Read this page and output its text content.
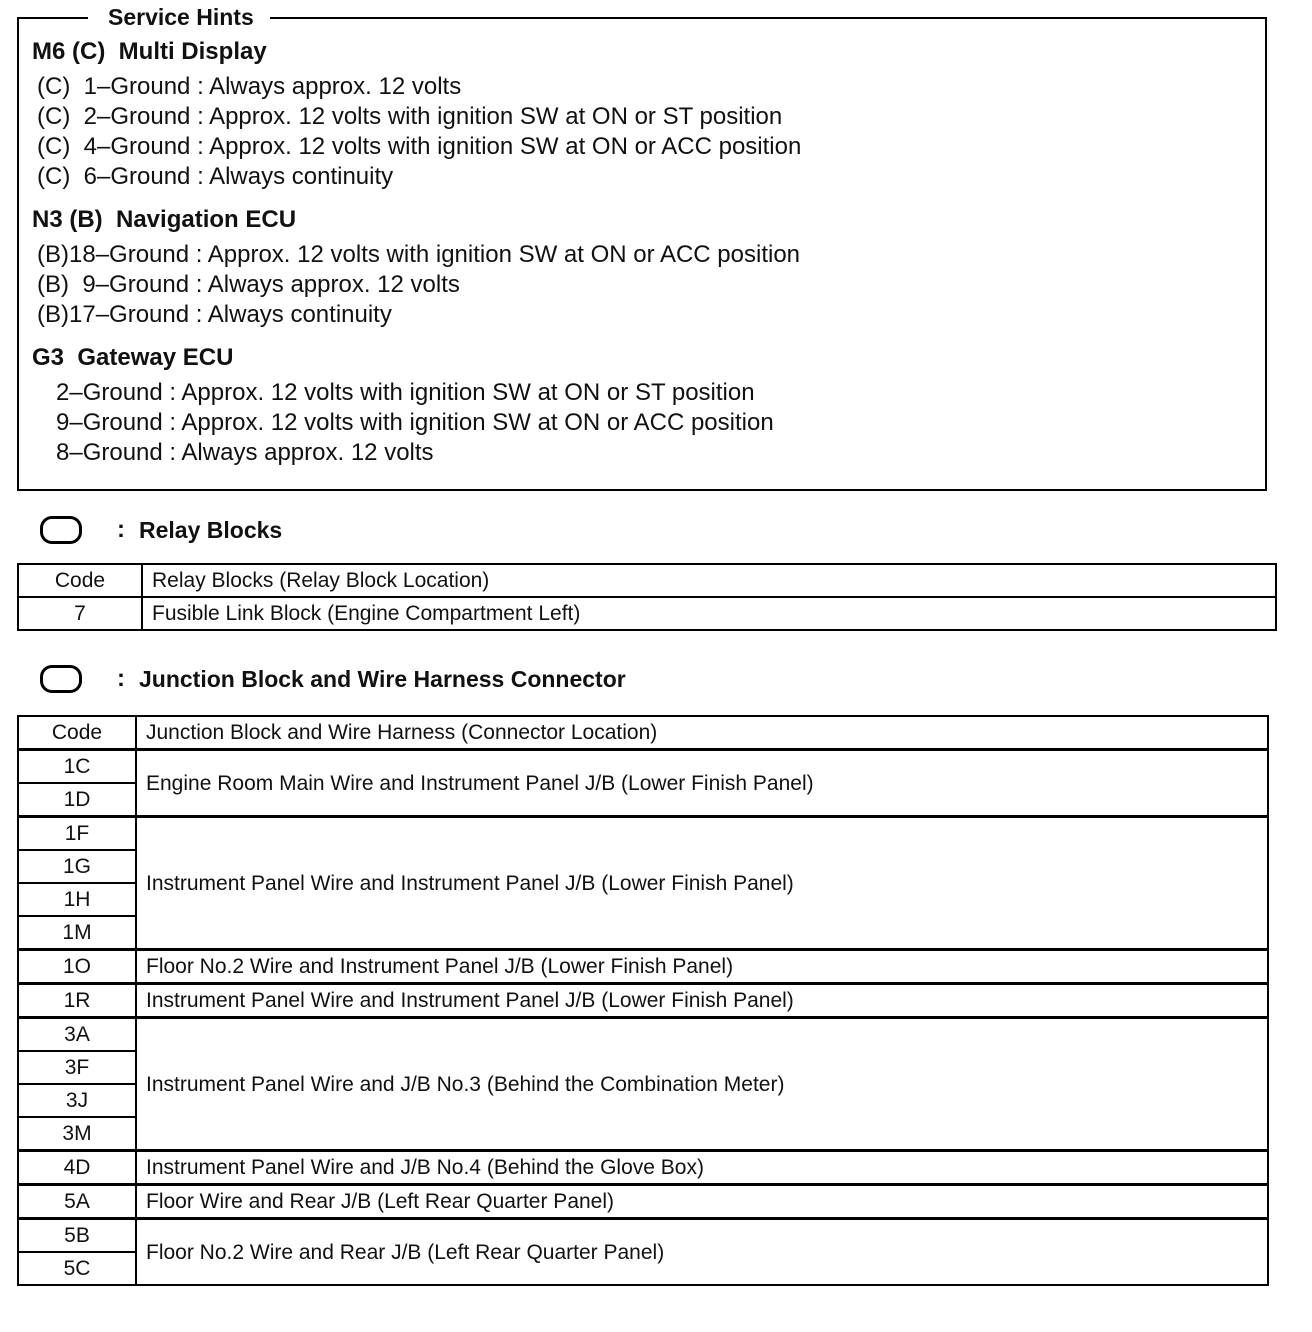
Service Hints
M6 (C)  Multi Display
(C)  1–Ground : Always approx. 12 volts
(C)  2–Ground : Approx. 12 volts with ignition SW at ON or ST position
(C)  4–Ground : Approx. 12 volts with ignition SW at ON or ACC position
(C)  6–Ground : Always continuity
N3 (B)  Navigation ECU
(B)18–Ground : Approx. 12 volts with ignition SW at ON or ACC position
(B)  9–Ground : Always approx. 12 volts
(B)17–Ground : Always continuity
G3  Gateway ECU
2–Ground : Approx. 12 volts with ignition SW at ON or ST position
9–Ground : Approx. 12 volts with ignition SW at ON or ACC position
8–Ground : Always approx. 12 volts
: Relay Blocks
Code	Relay Blocks (Relay Block Location)
7	Fusible Link Block (Engine Compartment Left)
: Junction Block and Wire Harness Connector
Code	Junction Block and Wire Harness (Connector Location)
1C	Engine Room Main Wire and Instrument Panel J/B (Lower Finish Panel)
1D	
1F	Instrument Panel Wire and Instrument Panel J/B (Lower Finish Panel)
1G	
1H	
1M	
1O	Floor No.2 Wire and Instrument Panel J/B (Lower Finish Panel)
1R	Instrument Panel Wire and Instrument Panel J/B (Lower Finish Panel)
3A	Instrument Panel Wire and J/B No.3 (Behind the Combination Meter)
3F	
3J	
3M	
4D	Instrument Panel Wire and J/B No.4 (Behind the Glove Box)
5A	Floor Wire and Rear J/B (Left Rear Quarter Panel)
5B	Floor No.2 Wire and Rear J/B (Left Rear Quarter Panel)
5C	
